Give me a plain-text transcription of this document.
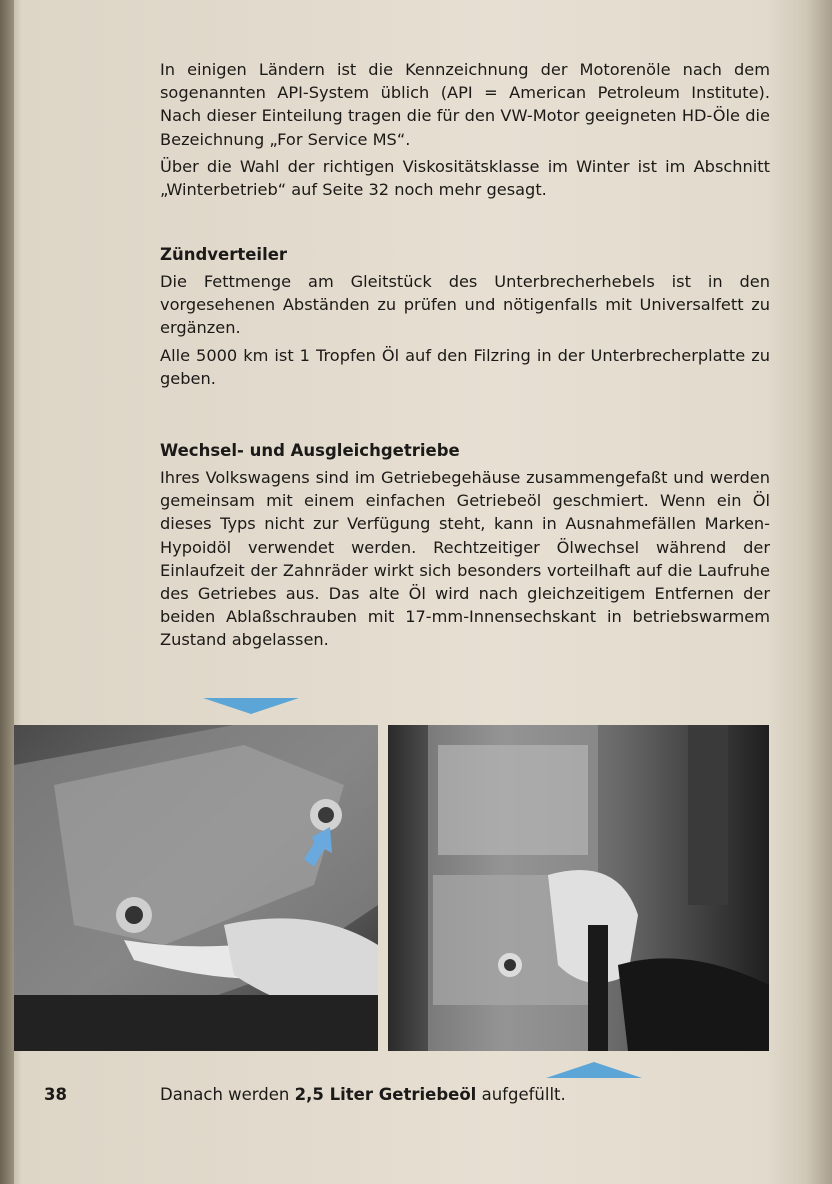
In einigen Ländern ist die Kennzeichnung der Motorenöle nach dem sogenannten API-System üblich (API = American Petroleum Institute). Nach dieser Einteilung tragen die für den VW-Motor geeigneten HD-Öle die Bezeichnung „For Service MS“.

Über die Wahl der richtigen Viskositätsklasse im Winter ist im Abschnitt „Winterbetrieb“ auf Seite 32 noch mehr gesagt.

Zündverteiler

Die Fettmenge am Gleitstück des Unterbrecherhebels ist in den vorgesehenen Abständen zu prüfen und nötigenfalls mit Universalfett zu ergänzen.

Alle 5000 km ist 1 Tropfen Öl auf den Filzring in der Unterbrecherplatte zu geben.

Wechsel- und Ausgleichgetriebe

Ihres Volkswagens sind im Getriebegehäuse zusammengefaßt und werden gemeinsam mit einem einfachen Getriebeöl geschmiert. Wenn ein Öl dieses Typs nicht zur Verfügung steht, kann in Ausnahmefällen Marken-Hypoidöl verwendet werden. Rechtzeitiger Ölwechsel während der Einlaufzeit der Zahnräder wirkt sich besonders vorteilhaft auf die Laufruhe des Getriebes aus. Das alte Öl wird nach gleichzeitigem Entfernen der beiden Ablaßschrauben mit 17-mm-Innensechskant in betriebswarmem Zustand abgelassen.

38	Danach werden 2,5 Liter Getriebeöl aufgefüllt.
